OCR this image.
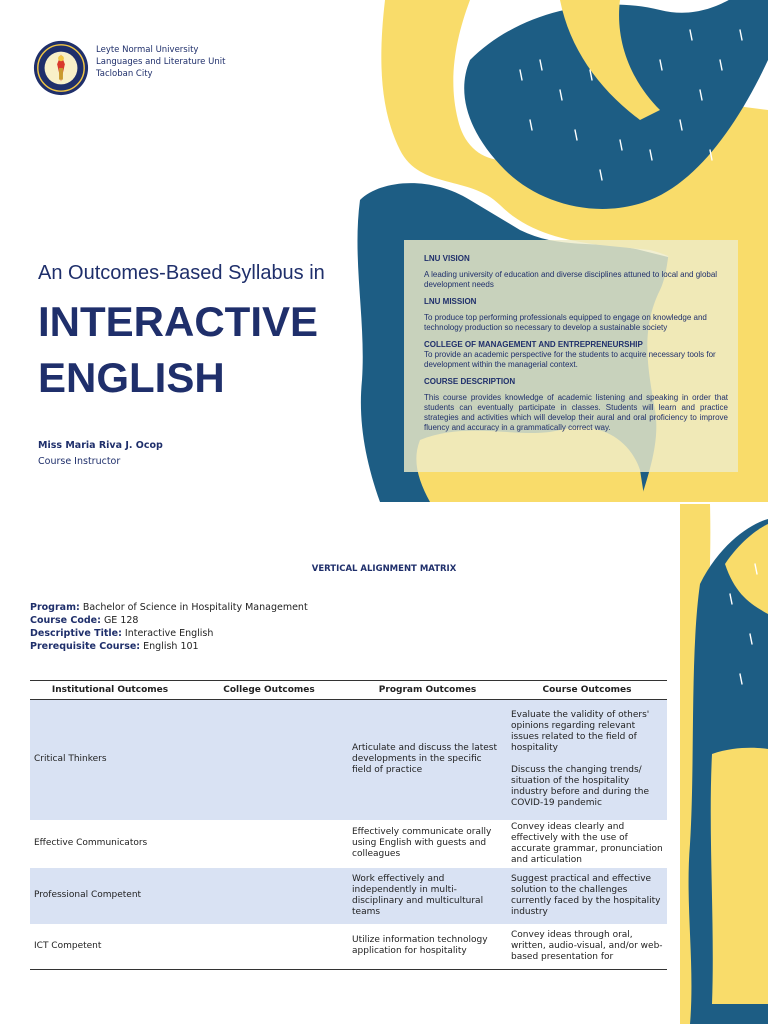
Leyte Normal University
Languages and Literature Unit
Tacloban City
An Outcomes-Based Syllabus in
INTERACTIVE
ENGLISH
Miss Maria Riva J. Ocop
Course Instructor
LNU VISION
A leading university of education and diverse disciplines attuned to local and global development needs
LNU MISSION
To produce top performing professionals equipped to engage on knowledge and technology production so necessary to develop a sustainable society
COLLEGE OF MANAGEMENT AND ENTREPRENEURSHIP
To provide an academic perspective for the students to acquire necessary tools for development within the managerial context.
COURSE DESCRIPTION
This course provides knowledge of academic listening and speaking in order that students can eventually participate in classes. Students will learn and practice strategies and activities which will develop their aural and oral proficiency to improve fluency and accuracy in a grammatically correct way.
VERTICAL ALIGNMENT MATRIX
Program: Bachelor of Science in Hospitality Management
Course Code: GE 128
Descriptive Title: Interactive English
Prerequisite Course: English 101
Institutional Outcomes	College Outcomes	Program Outcomes	Course Outcomes
Critical Thinkers		Articulate and discuss the latest developments in the specific field of practice	Evaluate the validity of others' opinions regarding relevant issues related to the field of hospitality
Discuss the changing trends/ situation of the hospitality industry before and during the COVID-19 pandemic

Effective Communicators		Effectively communicate orally using English with guests and colleagues	Convey ideas clearly and effectively with the use of accurate grammar, pronunciation and articulation
Professional Competent		Work effectively and independently in multi-disciplinary and multicultural teams	Suggest practical and effective solution to the challenges currently faced by the hospitality industry
ICT Competent		Utilize information technology application for hospitality	Convey ideas through oral, written, audio-visual, and/or web-based presentation for
